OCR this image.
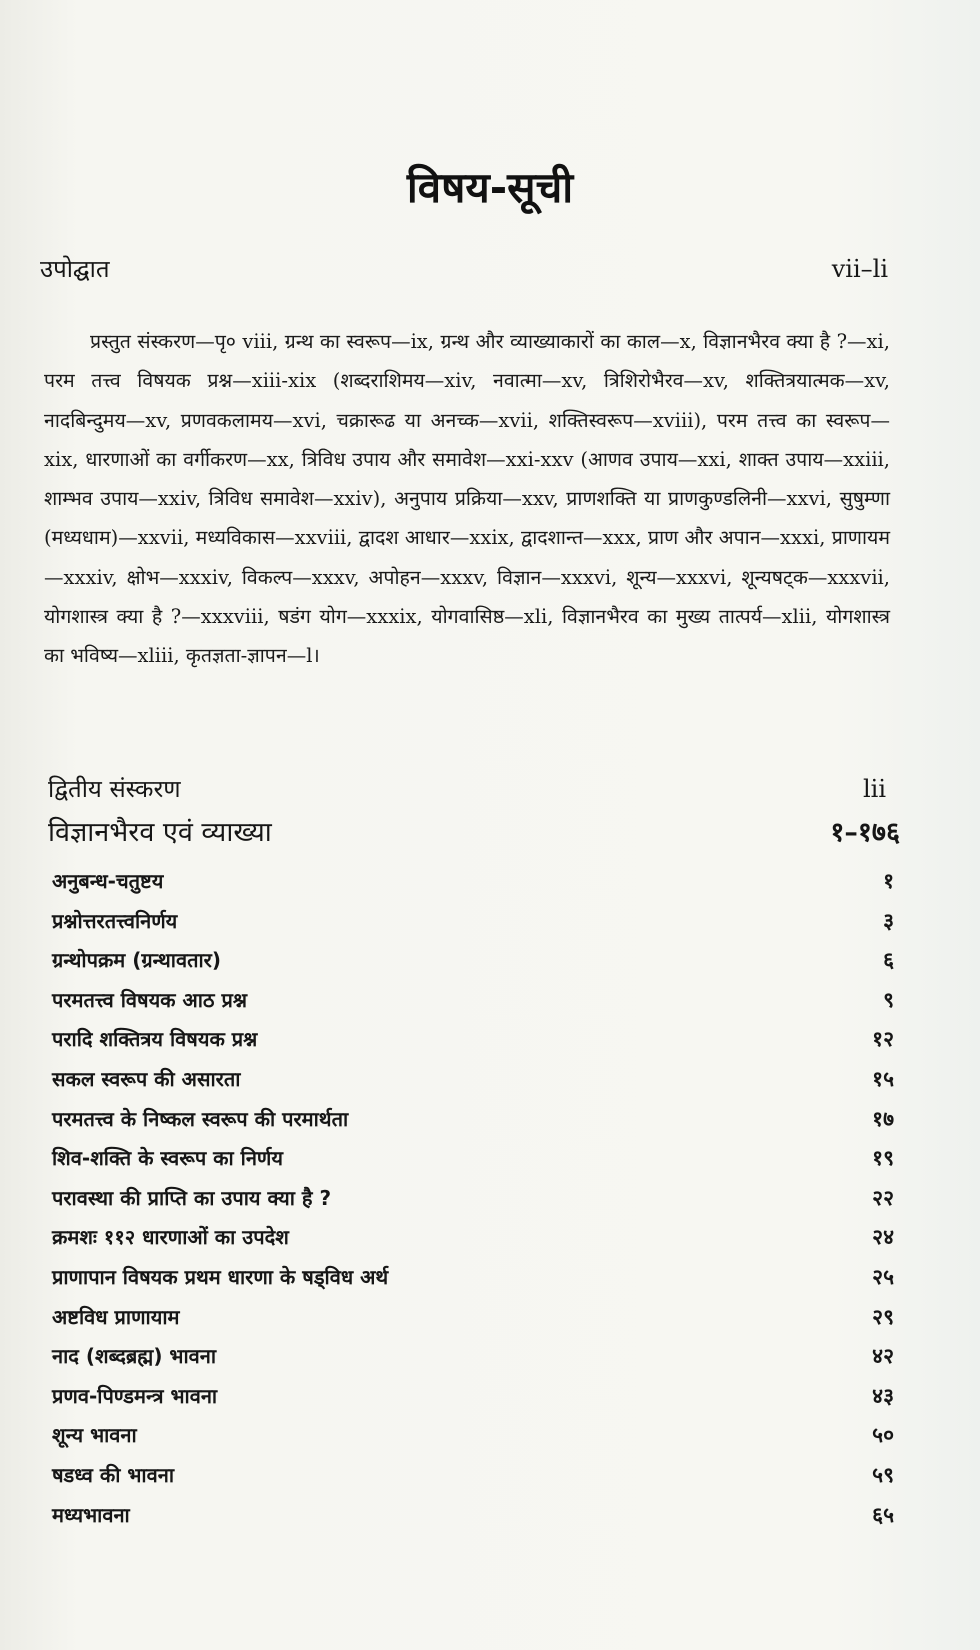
विषय-सूची
उपोद्घात	vii–li
प्रस्तुत संस्करण—पृ० viii, ग्रन्थ का स्वरूप—ix, ग्रन्थ और व्याख्याकारों का काल—x, विज्ञानभैरव क्या है ?—xi, परम तत्त्व विषयक प्रश्न—xiii-xix (शब्दराशिमय—xiv, नवात्मा—xv, त्रिशिरोभैरव—xv, शक्तित्रयात्मक—xv, नादबिन्दुमय—xv, प्रणवकलामय—xvi, चक्रारूढ या अनच्क—xvii, शक्तिस्वरूप—xviii), परम तत्त्व का स्वरूप—xix, धारणाओं का वर्गीकरण—xx, त्रिविध उपाय और समावेश—xxi-xxv (आणव उपाय—xxi, शाक्त उपाय—xxiii, शाम्भव उपाय—xxiv, त्रिविध समावेश—xxiv), अनुपाय प्रक्रिया—xxv, प्राणशक्ति या प्राणकुण्डलिनी—xxvi, सुषुम्णा (मध्यधाम)—xxvii, मध्यविकास—xxviii, द्वादश आधार—xxix, द्वादशान्त—xxx, प्राण और अपान—xxxi, प्राणायम—xxxiv, क्षोभ—xxxiv, विकल्प—xxxv, अपोहन—xxxv, विज्ञान—xxxvi, शून्य—xxxvi, शून्यषट्क—xxxvii, योगशास्त्र क्या है ?—xxxviii, षडंग योग—xxxix, योगवासिष्ठ—xli, विज्ञानभैरव का मुख्य तात्पर्य—xlii, योगशास्त्र का भविष्य—xliii, कृतज्ञता-ज्ञापन—l।
द्वितीय संस्करण	lii
विज्ञानभैरव एवं व्याख्या	१–१७६
अनुबन्ध-चतुष्टय	१
प्रश्नोत्तरतत्त्वनिर्णय	३
ग्रन्थोपक्रम (ग्रन्थावतार)	६
परमतत्त्व विषयक आठ प्रश्न	९
परादि शक्तित्रय विषयक प्रश्न	१२
सकल स्वरूप की असारता	१५
परमतत्त्व के निष्कल स्वरूप की परमार्थता	१७
शिव-शक्ति के स्वरूप का निर्णय	१९
परावस्था की प्राप्ति का उपाय क्या है ?	२२
क्रमशः ११२ धारणाओं का उपदेश	२४
प्राणापान विषयक प्रथम धारणा के षड्विध अर्थ	२५
अष्टविध प्राणायाम	२९
नाद (शब्दब्रह्म) भावना	४२
प्रणव-पिण्डमन्त्र भावना	४३
शून्य भावना	५०
षडध्व की भावना	५९
मध्यभावना	६५
